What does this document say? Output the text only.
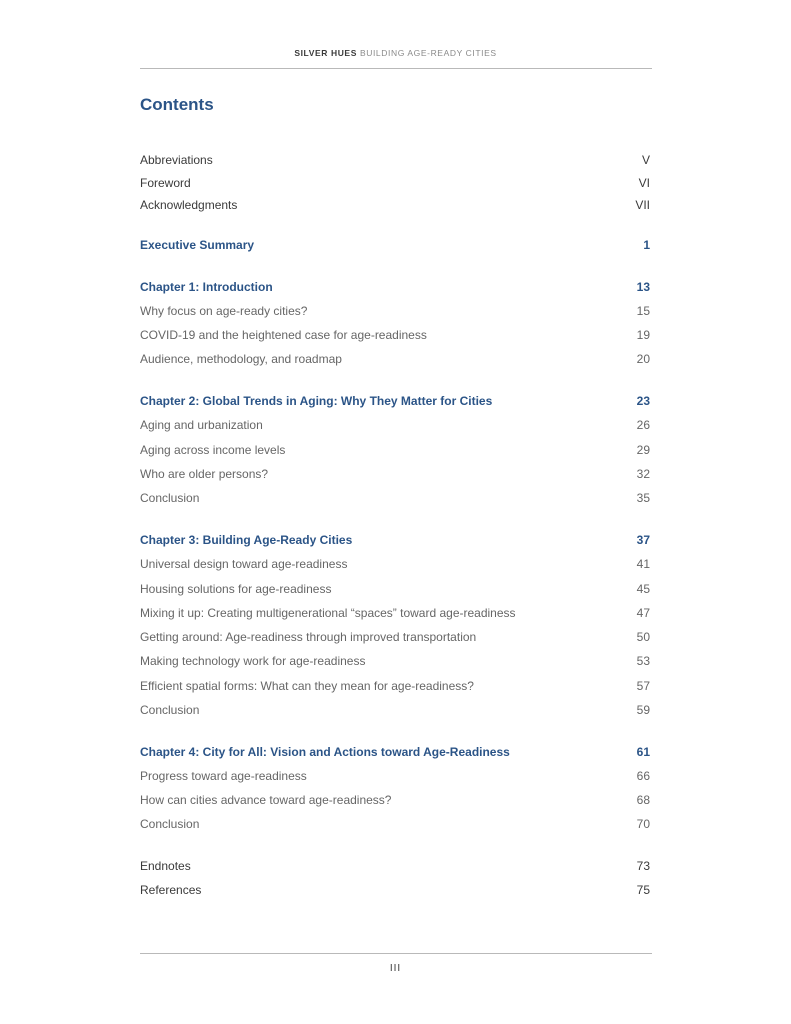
SILVER HUES BUILDING AGE-READY CITIES
Contents
Abbreviations	V
Foreword	VI
Acknowledgments	VII
Executive Summary	1
Chapter 1: Introduction	13
Why focus on age-ready cities?	15
COVID-19 and the heightened case for age-readiness	19
Audience, methodology, and roadmap	20
Chapter 2: Global Trends in Aging: Why They Matter for Cities	23
Aging and urbanization	26
Aging across income levels	29
Who are older persons?	32
Conclusion	35
Chapter 3: Building Age-Ready Cities	37
Universal design toward age-readiness	41
Housing solutions for age-readiness	45
Mixing it up: Creating multigenerational “spaces” toward age-readiness	47
Getting around: Age-readiness through improved transportation	50
Making technology work for age-readiness	53
Efficient spatial forms: What can they mean for age-readiness?	57
Conclusion	59
Chapter 4: City for All: Vision and Actions toward Age-Readiness	61
Progress toward age-readiness	66
How can cities advance toward age-readiness?	68
Conclusion	70
Endnotes	73
References	75
III
